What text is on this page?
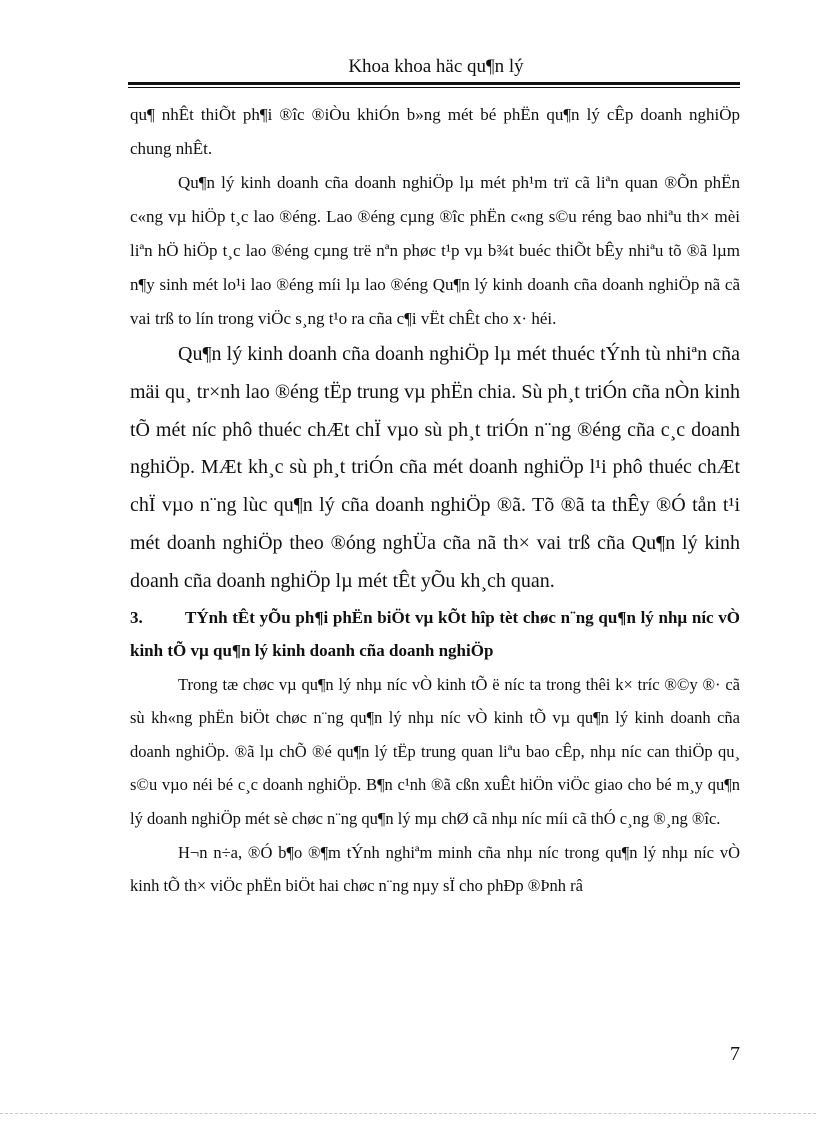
Khoa khoa häc qu¶n lý

qu¶ nhÊt thiÕt ph¶i ®îc ®iÒu khiÓn b»ng mét bé phËn qu¶n lý cÊp doanh nghiÖp chung nhÊt.

Qu¶n lý kinh doanh cña doanh nghiÖp lµ mét ph¹m trï cã liªn quan ®Õn phËn c«ng vµ hiÖp t¸c lao ®éng. Lao ®éng cµng ®îc phËn c«ng s©u réng bao nhiªu th× mèi liªn hÖ hiÖp t¸c lao ®éng cµng trë nªn phøc t¹p vµ b¾t buéc thiÕt bÊy nhiªu tõ ®ã lµm n¶y sinh mét lo¹i lao ®éng míi lµ lao ®éng Qu¶n lý kinh doanh cña doanh nghiÖp nã cã vai trß to lín trong viÖc s¸ng t¹o ra cña c¶i vËt chÊt cho x· héi.

Qu¶n lý kinh doanh cña doanh nghiÖp lµ mét thuéc tÝnh tù nhiªn cña mäi qu¸ tr×nh lao ®éng tËp trung vµ phËn chia. Sù ph¸t triÓn cña nÒn kinh tÕ mét níc phô thuéc chÆt chÏ vµo sù ph¸t triÓn n¨ng ®éng cña c¸c doanh nghiÖp. MÆt kh¸c sù ph¸t triÓn cña mét doanh nghiÖp l¹i phô thuéc chÆt chÏ vµo n¨ng lùc qu¶n lý cña doanh nghiÖp ®ã. Tõ ®ã ta thÊy ®Ó tån t¹i mét doanh nghiÖp theo ®óng nghÜa cña nã th× vai trß cña Qu¶n lý kinh doanh cña doanh nghiÖp lµ mét tÊt yÕu kh¸ch quan.

3. TÝnh tÊt yÕu ph¶i phËn biÖt vµ kÕt hîp tèt chøc n¨ng qu¶n lý nhµ níc vÒ kinh tÕ vµ qu¶n lý kinh doanh cña doanh nghiÖp

Trong tæ chøc vµ qu¶n lý nhµ níc vÒ kinh tÕ ë níc ta trong thêi k× tríc ®©y ®· cã sù kh«ng phËn biÖt chøc n¨ng qu¶n lý nhµ níc vÒ kinh tÕ vµ qu¶n lý kinh doanh cña doanh nghiÖp. ®ã lµ chÕ ®é qu¶n lý tËp trung quan liªu bao cÊp, nhµ níc can thiÖp qu¸ s©u vµo néi bé c¸c doanh nghiÖp. B¶n c¹nh ®ã cßn xuÊt hiÖn viÖc giao cho bé m¸y qu¶n lý doanh nghiÖp mét sè chøc n¨ng qu¶n lý mµ chØ cã nhµ níc míi cã thÓ c¸ng ®¸ng ®îc.

H¬n n÷a, ®Ó b¶o ®¶m tÝnh nghiªm minh cña nhµ níc trong qu¶n lý nhµ níc vÒ kinh tÕ th× viÖc phËn biÖt hai chøc n¨ng nµy sÏ cho phÐp ®Þnh râ

7
